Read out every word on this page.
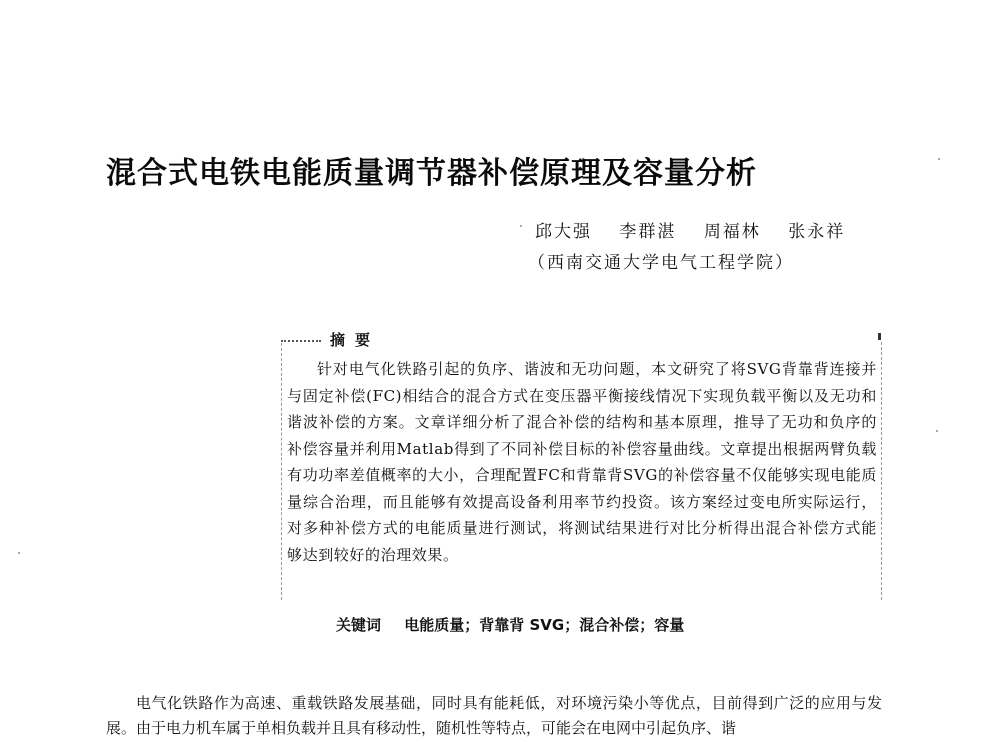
混合式电铁电能质量调节器补偿原理及容量分析
邱大强 李群湛 周福林 张永祥
（西南交通大学电气工程学院）
摘要
针对电气化铁路引起的负序、谐波和无功问题，本文研究了将SVG背靠背连接并与固定补偿(FC)相结合的混合方式在变压器平衡接线情况下实现负载平衡以及无功和谐波补偿的方案。文章详细分析了混合补偿的结构和基本原理，推导了无功和负序的补偿容量并利用Matlab得到了不同补偿目标的补偿容量曲线。文章提出根据两臂负载有功功率差值概率的大小，合理配置FC和背靠背SVG的补偿容量不仅能够实现电能质量综合治理，而且能够有效提高设备利用率节约投资。该方案经过变电所实际运行，对多种补偿方式的电能质量进行测试，将测试结果进行对比分析得出混合补偿方式能够达到较好的治理效果。
关键词 电能质量；背靠背 SVG；混合补偿；容量
电气化铁路作为高速、重载铁路发展基础，同时具有能耗低，对环境污染小等优点，目前得到广泛的应用与发展。由于电力机车属于单相负载并且具有移动性，随机性等特点，可能会在电网中引起负序、谐
